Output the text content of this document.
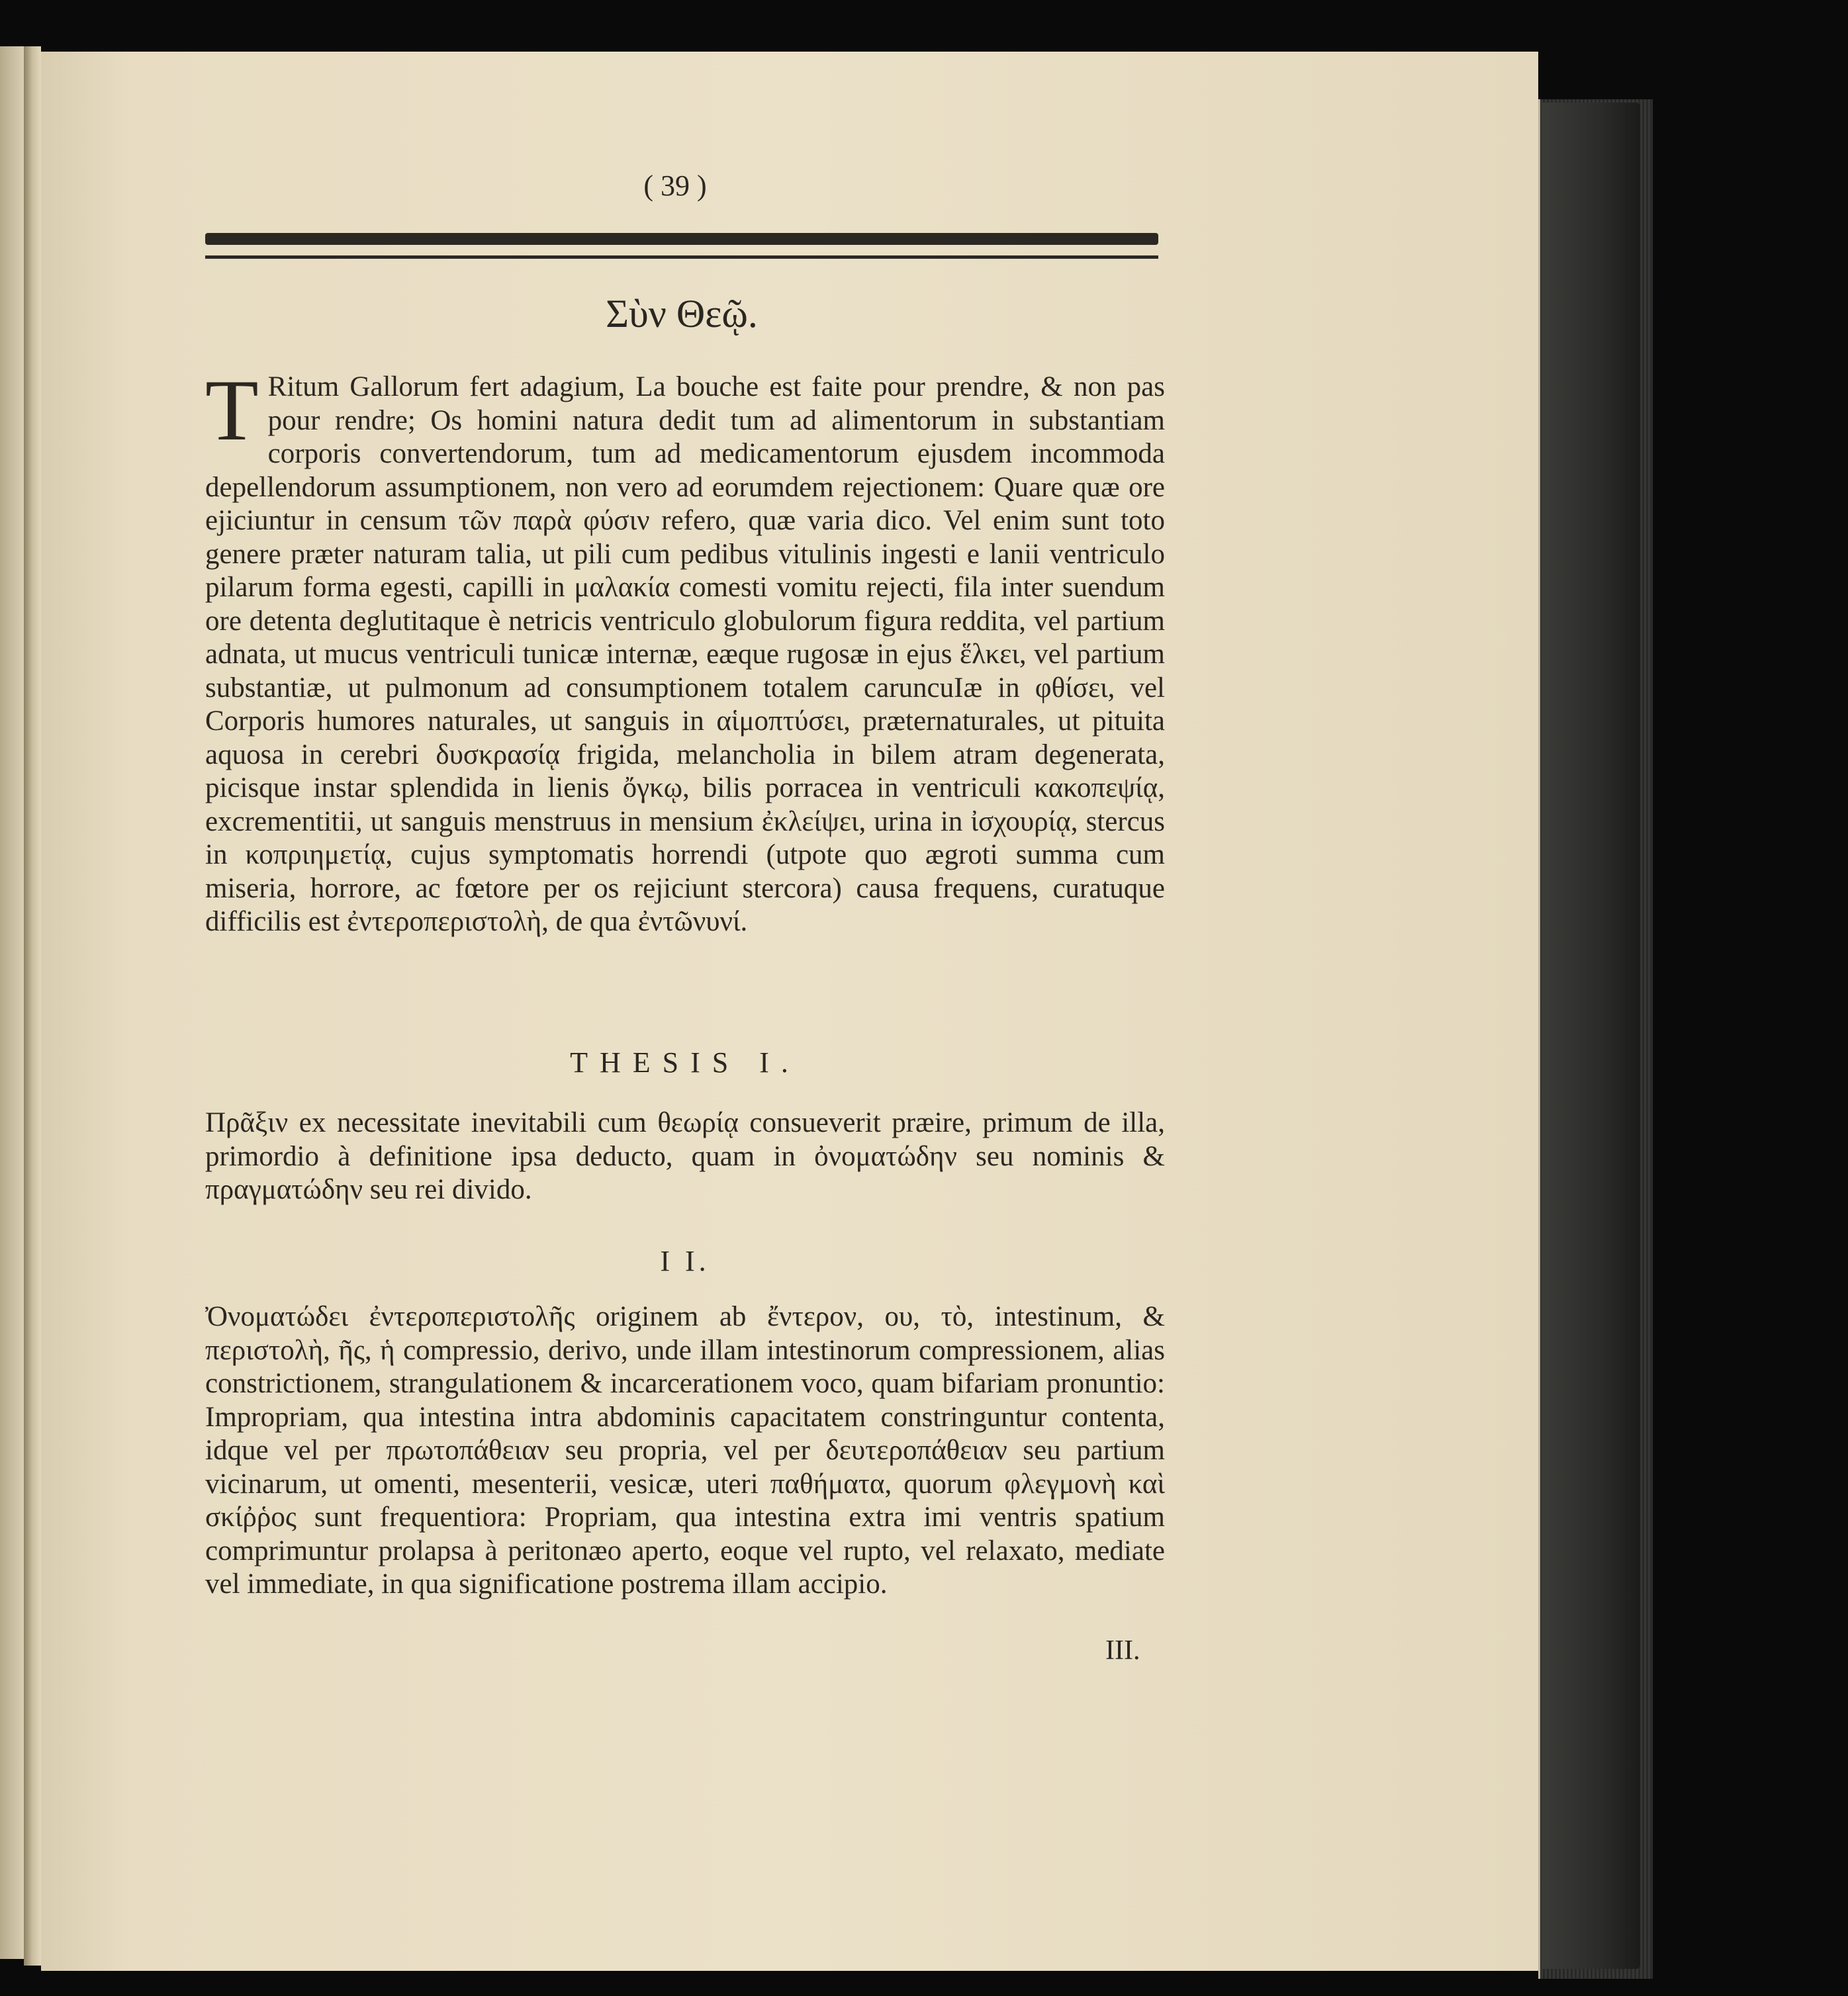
( 39 )
Σὺν Θεῷ.
T Ritum Gallorum fert adagium, La bouche est faite pour prendre, & non pas pour rendre; Os homini natura dedit tum ad alimentorum in substantiam corporis convertendorum, tum ad medicamentorum ejusdem incommoda depellendorum assumptionem, non vero ad eorumdem rejectionem: Quare quæ ore ejiciuntur in censum τῶν παρὰ φύσιν refero, quæ varia dico. Vel enim sunt toto genere præter naturam talia, ut pili cum pedibus vitulinis ingesti e lanii ventriculo pilarum forma egesti, capilli in μαλακία comesti vomitu rejecti, fila inter suendum ore detenta deglutitaque è netricis ventriculo globulorum figura reddita, vel partium adnata, ut mucus ventriculi tunicæ internæ, eæque rugosæ in ejus ἕλκει, vel partium substantiæ, ut pulmonum ad consumptionem totalem caruncuIæ in φθίσει, vel Corporis humores naturales, ut sanguis in αἱμοπτύσει, præternaturales, ut pituita aquosa in cerebri δυσκρασίᾳ frigida, melancholia in bilem atram degenerata, picisque instar splendida in lienis ὄγκῳ, bilis porracea in ventriculi κακοπεψίᾳ, excrementitii, ut sanguis menstruus in mensium ἐκλείψει, urina in ἰσχουρίᾳ, stercus in κοπριημετίᾳ, cujus symptomatis horrendi (utpote quo ægroti summa cum miseria, horrore, ac fœtore per os rejiciunt stercora) causa frequens, curatuque difficilis est ἐντεροπεριστολὴ, de qua ἐντῶνυνί.
THESIS I.
Πρᾶξιν ex necessitate inevitabili cum θεωρίᾳ consueverit præire, primum de illa, primordio à definitione ipsa deducto, quam in ὀνοματώδην seu nominis & πραγματώδην seu rei divido.
I I.
Ὀνοματώδει ἐντεροπεριστολῆς originem ab ἔντερον, ου, τὸ, intestinum, & περιστολὴ, ῆς, ἡ compressio, derivo, unde illam intestinorum compressionem, alias constrictionem, strangulationem & incarcerationem voco, quam bifariam pronuntio: Impropriam, qua intestina intra abdominis capacitatem constringuntur contenta, idque vel per πρωτοπάθειαν seu propria, vel per δευτεροπάθειαν seu partium vicinarum, ut omenti, mesenterii, vesicæ, uteri παθήματα, quorum φλεγμονὴ καὶ σκίῤῥος sunt frequentiora: Propriam, qua intestina extra imi ventris spatium comprimuntur prolapsa à peritonæo aperto, eoque vel rupto, vel relaxato, mediate vel immediate, in qua significatione postrema illam accipio.
III.
